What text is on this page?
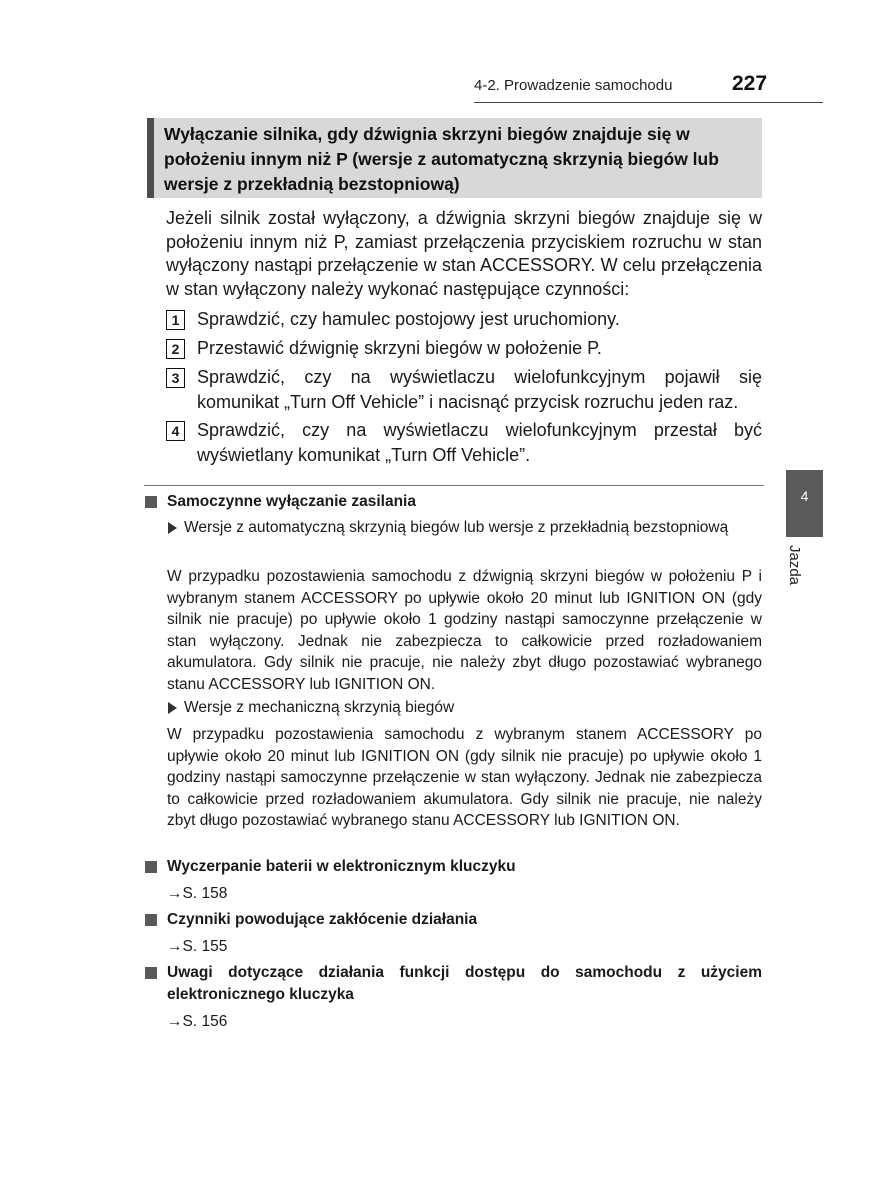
4-2. Prowadzenie samochodu	227
Wyłączanie silnika, gdy dźwignia skrzyni biegów znajduje się w położeniu innym niż P (wersje z automatyczną skrzynią biegów lub wersje z przekładnią bezstopniową)
Jeżeli silnik został wyłączony, a dźwignia skrzyni biegów znajduje się w położeniu innym niż P, zamiast przełączenia przyciskiem rozruchu w stan wyłączony nastąpi przełączenie w stan ACCESSORY. W celu przełączenia w stan wyłączony należy wykonać następujące czynności:
1 Sprawdzić, czy hamulec postojowy jest uruchomiony.
2 Przestawić dźwignię skrzyni biegów w położenie P.
3 Sprawdzić, czy na wyświetlaczu wielofunkcyjnym pojawił się komunikat „Turn Off Vehicle” i nacisnąć przycisk rozruchu jeden raz.
4 Sprawdzić, czy na wyświetlaczu wielofunkcyjnym przestał być wyświetlany komunikat „Turn Off Vehicle”.
Samoczynne wyłączanie zasilania
Wersje z automatyczną skrzynią biegów lub wersje z przekładnią bezstopniową
W przypadku pozostawienia samochodu z dźwignią skrzyni biegów w położeniu P i wybranym stanem ACCESSORY po upływie około 20 minut lub IGNITION ON (gdy silnik nie pracuje) po upływie około 1 godziny nastąpi samoczynne przełączenie w stan wyłączony. Jednak nie zabezpiecza to całkowicie przed rozładowaniem akumulatora. Gdy silnik nie pracuje, nie należy zbyt długo pozostawiać wybranego stanu ACCESSORY lub IGNITION ON.
Wersje z mechaniczną skrzynią biegów
W przypadku pozostawienia samochodu z wybranym stanem ACCESSORY po upływie około 20 minut lub IGNITION ON (gdy silnik nie pracuje) po upływie około 1 godziny nastąpi samoczynne przełączenie w stan wyłączony. Jednak nie zabezpiecza to całkowicie przed rozładowaniem akumulatora. Gdy silnik nie pracuje, nie należy zbyt długo pozostawiać wybranego stanu ACCESSORY lub IGNITION ON.
Wyczerpanie baterii w elektronicznym kluczyku
→S. 158
Czynniki powodujące zakłócenie działania
→S. 155
Uwagi dotyczące działania funkcji dostępu do samochodu z użyciem elektronicznego kluczyka
→S. 156
4
Jazda
